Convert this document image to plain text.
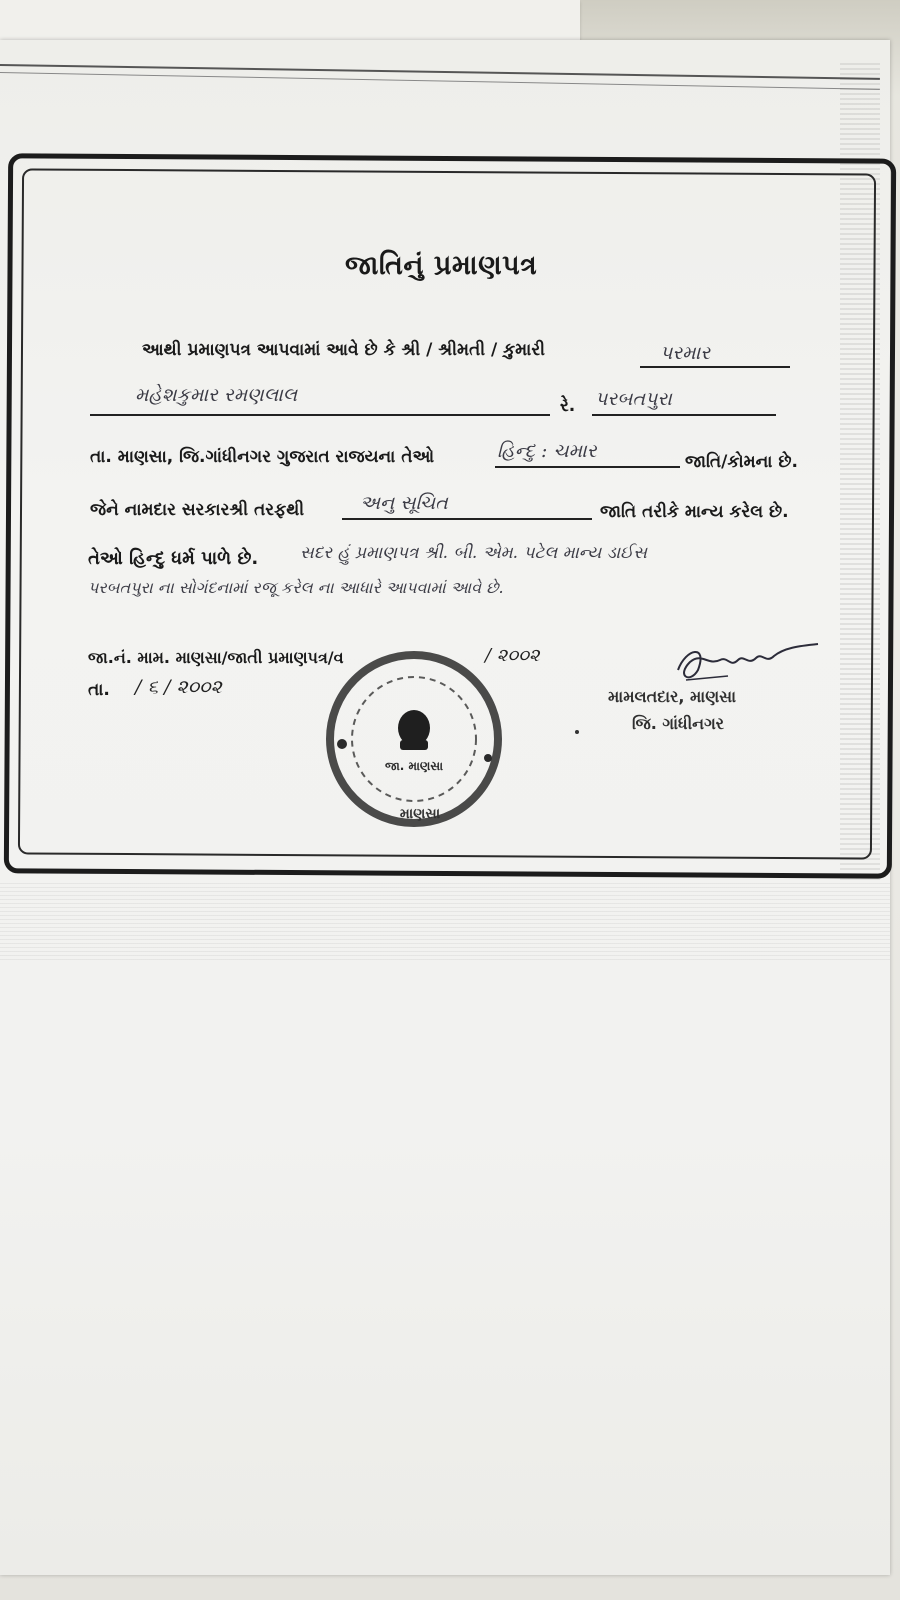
જાતિનું પ્રમાણપત્ર
આથી પ્રમાણપત્ર આપવામાં આવે છે કે શ્રી / શ્રીમતી / કુમારી	પરમાર
મહેશકુમાર રમણલાલ	રે. પરબતપુરા
તા. માણસા, જિ.ગાંધીનગર ગુજરાત રાજયના તેઓ	હિન્દુ : ચમાર	જાતિ/કોમના છે.
જેને નામદાર સરકારશ્રી તરફથી	અનુ સૂચિત	જાતિ તરીકે માન્ય કરેલ છે.
તેઓ હિન્દુ ધર્મ પાળે છે. સદર હું પ્રમાણપત્ર શ્રી. બી. એમ. પટેલ માન્ય ડાઈસ
પરબતપુરા ના સોગંદનામાં રજૂ કરેલ ના આધારે આપવામાં આવે છે.
જા.નં. મામ. માણસા/જાતી પ્રમાણપત્ર/વ	/ ૨૦૦૨
તા. / ૬ / ૨૦૦૨
જા. માણસા
માણસા
મામલતદાર, માણસા
જિ. ગાંધીનગર
